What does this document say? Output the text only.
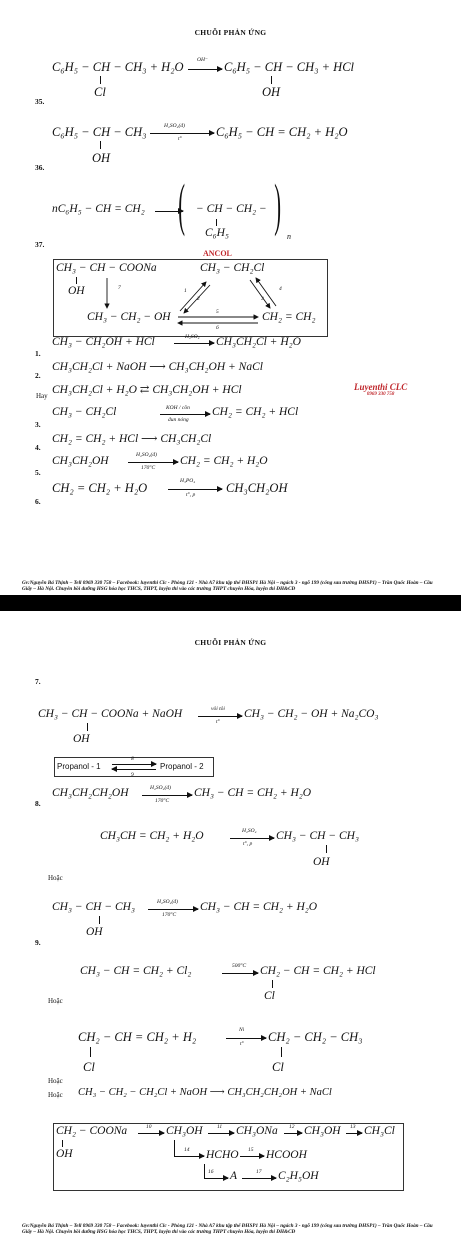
CHUỖI PHẢN ỨNG
C₆H₅ − CH − CH₃ + H₂O
Cl
OH⁻ → C₆H₅ − CH − CH₃ + HCl
OH
35.
C₆H₅ − CH − CH₃
OH
H₂SO₄(đ)
t°	C₆H₅ − CH = CH₂ + H₂O
36.
nC₆H₅ − CH = CH₂ →
( − CH − CH₂ −
C₆H₅ ) n
37.
ANCOL
CH₃ − CH − COONa
OH
CH₃ − CH₂Cl
CH₃ − CH₂ − OH	CH₂ = CH₂
7	1
2	3
4
5
6
CH₃ − CH₂OH + HCl	H₂SO₄ → CH₃CH₂Cl + H₂O
1.
CH₃CH₂Cl + NaOH ⟶ CH₃CH₂OH + NaCl
2.
Hay CH₃CH₂Cl + H₂O ⇄ CH₃CH₂OH + HCl	Luyenthi CLC
0969 330 758
CH₃ − CH₂Cl	KOH / cồn
đun nóng
CH₂ = CH₂ + HCl
3.
CH₂ = CH₂ + HCl ⟶ CH₃CH₂Cl
4.
CH₃CH₂OH	H₂SO₄(đ)
170°C
CH₂ = CH₂ + H₂O
5.
CH₂ = CH₂ + H₂O	H₃PO₄
t°, p CH₃CH₂OH
6.
Gv:Nguyễn Bá Thịnh – Tell 0969 330 758 – Facebook: luyenthi Clc - Phòng 121 - Nhà A7 khu tập thể ĐHSP1 Hà Nội – ngách 3 - ngõ 199 (cổng sau trường ĐHSP1) – Trần Quốc Hoàn – Cầu Giấy – Hà Nội. Chuyên bồi dưỡng HSG hóa học THCS, THPT, luyện thi vào các trường THPT chuyên Hóa, luyện thi ĐH&CĐ
CHUỖI PHẢN ỨNG
7.
CH₃ − CH − COONa + NaOH
OH
vôi tôi
t°
CH₃ − CH₂ − OH + Na₂CO₃
Propanol - 1	Propanol - 2
8
9
CH₃CH₂CH₂OH	H₂SO₄(đ)
170°C
CH₃ − CH = CH₂ + H₂O
8.
CH₃CH = CH₂ + H₂O	H₂SO₄
t°, p
CH₃ − CH − CH₃
OH
Hoặc
CH₃ − CH − CH₃
OH
H₂SO₄(đ)
170°C
CH₃ − CH = CH₂ + H₂O
9.
CH₃ − CH = CH₂ + Cl₂	500°C → CH₂ − CH = CH₂ + HCl
Cl
Hoặc
CH₂ − CH = CH₂ + H₂
Cl
Ni
t° CH₂ − CH₂ − CH₃
Cl
Hoặc
Hoặc CH₃ − CH₂ − CH₂Cl + NaOH ⟶ CH₃CH₂CH₂OH + NaCl
CH₂ − COONa
OH
10 CH₃OH	11 CH₃ONa 12 CH₃OH 13 CH₃Cl
14 HCHO 15 HCOOH
16 A	17 C₂H₅OH
Gv:Nguyễn Bá Thịnh – Tell 0969 330 758 – Facebook: luyenthi Clc - Phòng 121 - Nhà A7 khu tập thể ĐHSP1 Hà Nội – ngách 3 - ngõ 199 (cổng sau trường ĐHSP1) – Trần Quốc Hoàn – Cầu Giấy – Hà Nội. Chuyên bồi dưỡng HSG hóa học THCS, THPT, luyện thi vào các trường THPT chuyên Hóa, luyện thi ĐH&CĐ
